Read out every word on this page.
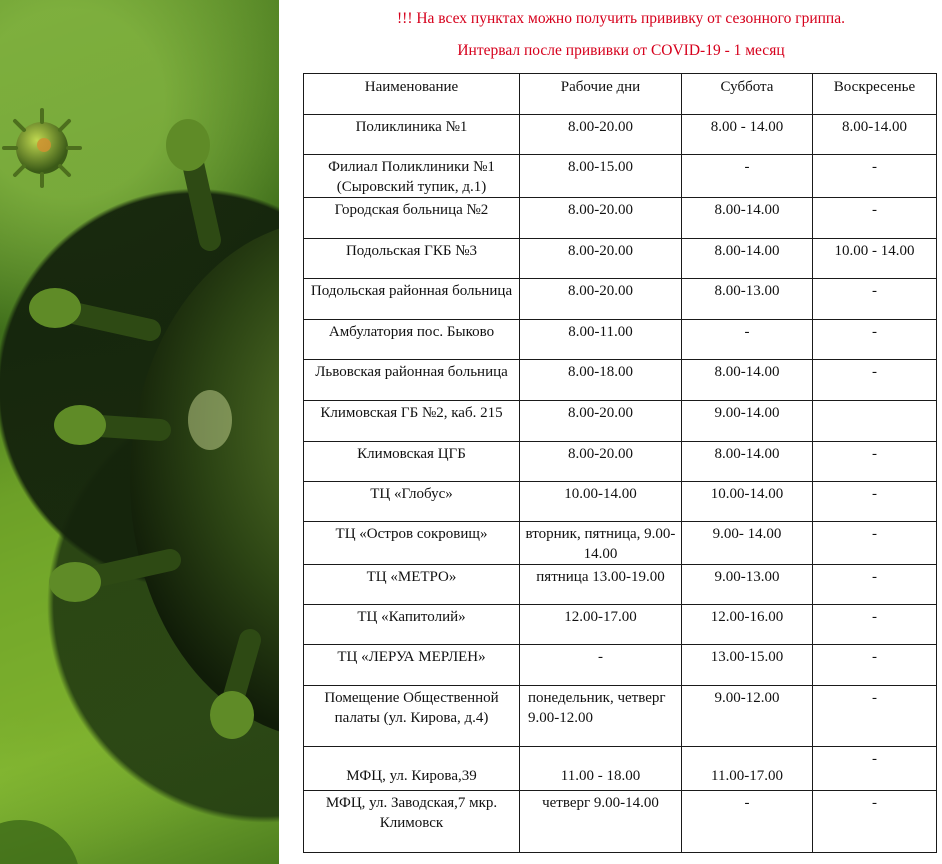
!!! На всех пунктах можно получить прививку от сезонного гриппа.
Интервал после прививки от COVID-19 - 1 месяц
Наименование	Рабочие дни	Суббота	Воскресенье
Поликлиника №1	8.00-20.00	8.00 - 14.00	8.00-14.00
Филиал Поликлиники №1 (Сыровский тупик, д.1)	8.00-15.00	-	-
Городская больница №2	8.00-20.00	8.00-14.00	-
Подольская ГКБ №3	8.00-20.00	8.00-14.00	10.00 - 14.00
Подольская районная больница	8.00-20.00	8.00-13.00	-
Амбулатория пос. Быково	8.00-11.00	-	-
Львовская районная больница	8.00-18.00	8.00-14.00	-
Климовская ГБ №2, каб. 215	8.00-20.00	9.00-14.00	
Климовская ЦГБ	8.00-20.00	8.00-14.00	-
ТЦ «Глобус»	10.00-14.00	10.00-14.00	-
ТЦ «Остров сокровищ»	вторник, пятница, 9.00- 14.00	9.00- 14.00	-
ТЦ «МЕТРО»	пятница 13.00-19.00	9.00-13.00	-
ТЦ «Капитолий»	12.00-17.00	12.00-16.00	-
ТЦ «ЛЕРУА МЕРЛЕН»	-	13.00-15.00	-
Помещение Общественной палаты (ул. Кирова, д.4)	понедельник, четверг 9.00-12.00	9.00-12.00	-
МФЦ, ул. Кирова,39	11.00 - 18.00	11.00-17.00	-
МФЦ, ул. Заводская,7 мкр. Климовск	четверг 9.00-14.00	-	-
